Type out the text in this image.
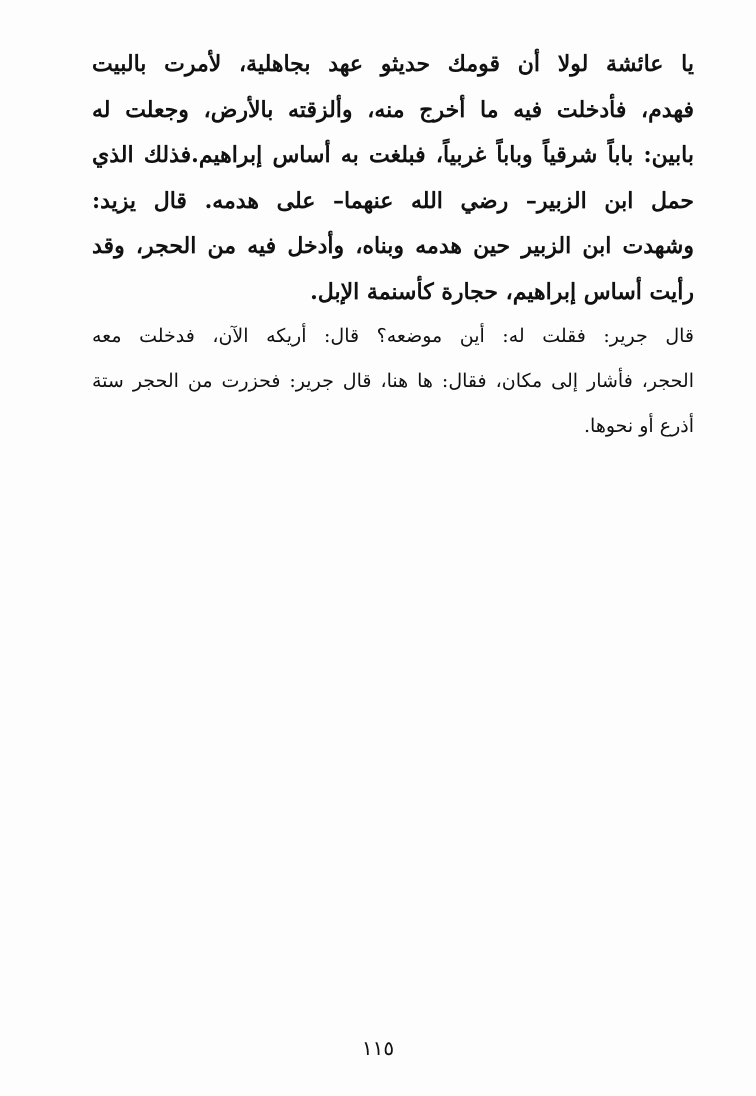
يا عائشة لولا أن قومك حديثو عهد بجاهلية، لأمرت بالبيت
فهدم، فأدخلت فيه ما أخرج منه، وألزقته بالأرض، وجعلت له
بابين: باباً شرقياً وباباً غربياً، فبلغت به أساس إبراهيم.فذلك الذي
حمل ابن الزبير– رضي الله عنهما– على هدمه. قال يزيد:
وشهدت ابن الزبير حين هدمه وبناه، وأدخل فيه من الحجر، وقد
رأيت أساس إبراهيم، حجارة كأسنمة الإبل.
قال جرير: فقلت له: أين موضعه؟ قال: أريكه الآن، فدخلت معه
الحجر، فأشار إلى مكان، فقال: ها هنا، قال جرير: فحزرت من الحجر ستة
أذرع أو نحوها.
١١٥
